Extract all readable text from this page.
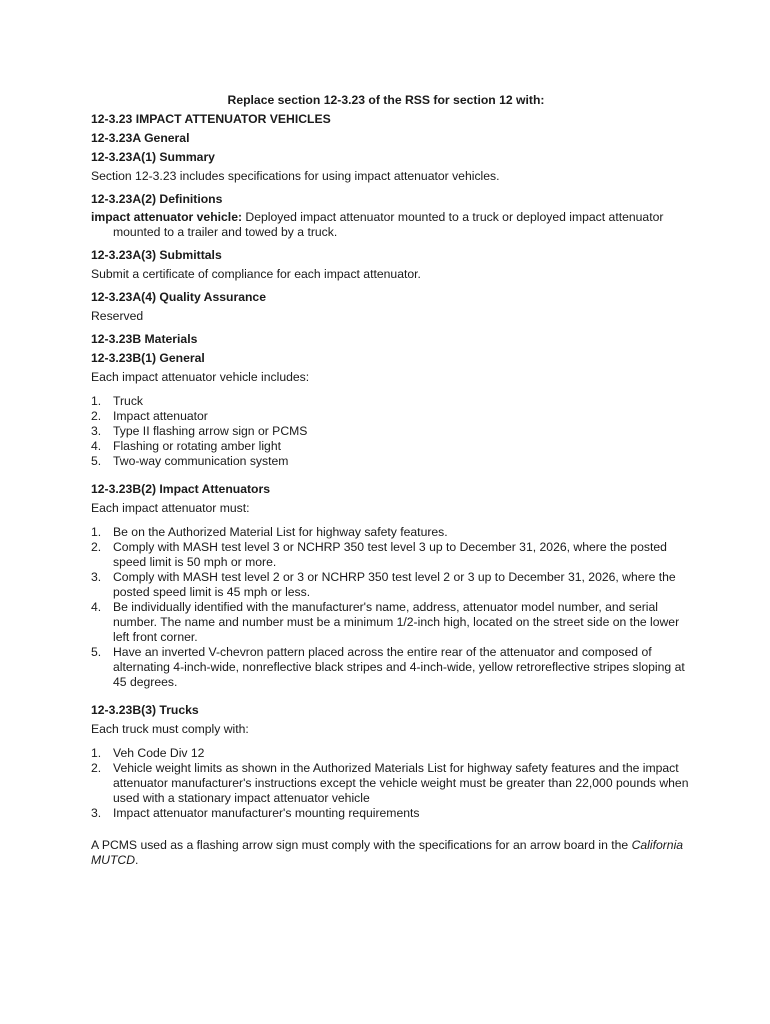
Replace section 12-3.23 of the RSS for section 12 with:

12-3.23 IMPACT ATTENUATOR VEHICLES

12-3.23A General

12-3.23A(1) Summary

Section 12-3.23 includes specifications for using impact attenuator vehicles.

12-3.23A(2) Definitions

impact attenuator vehicle: Deployed impact attenuator mounted to a truck or deployed impact attenuator mounted to a trailer and towed by a truck.

12-3.23A(3) Submittals

Submit a certificate of compliance for each impact attenuator.

12-3.23A(4) Quality Assurance

Reserved

12-3.23B Materials

12-3.23B(1) General

Each impact attenuator vehicle includes:

1. Truck
2. Impact attenuator
3. Type II flashing arrow sign or PCMS
4. Flashing or rotating amber light
5. Two-way communication system

12-3.23B(2) Impact Attenuators

Each impact attenuator must:

1. Be on the Authorized Material List for highway safety features.
2. Comply with MASH test level 3 or NCHRP 350 test level 3 up to December 31, 2026, where the posted speed limit is 50 mph or more.
3. Comply with MASH test level 2 or 3 or NCHRP 350 test level 2 or 3 up to December 31, 2026, where the posted speed limit is 45 mph or less.
4. Be individually identified with the manufacturer's name, address, attenuator model number, and serial number. The name and number must be a minimum 1/2-inch high, located on the street side on the lower left front corner.
5. Have an inverted V-chevron pattern placed across the entire rear of the attenuator and composed of alternating 4-inch-wide, nonreflective black stripes and 4-inch-wide, yellow retroreflective stripes sloping at 45 degrees.

12-3.23B(3) Trucks

Each truck must comply with:

1. Veh Code Div 12
2. Vehicle weight limits as shown in the Authorized Materials List for highway safety features and the impact attenuator manufacturer's instructions except the vehicle weight must be greater than 22,000 pounds when used with a stationary impact attenuator vehicle
3. Impact attenuator manufacturer's mounting requirements

A PCMS used as a flashing arrow sign must comply with the specifications for an arrow board in the California MUTCD.
